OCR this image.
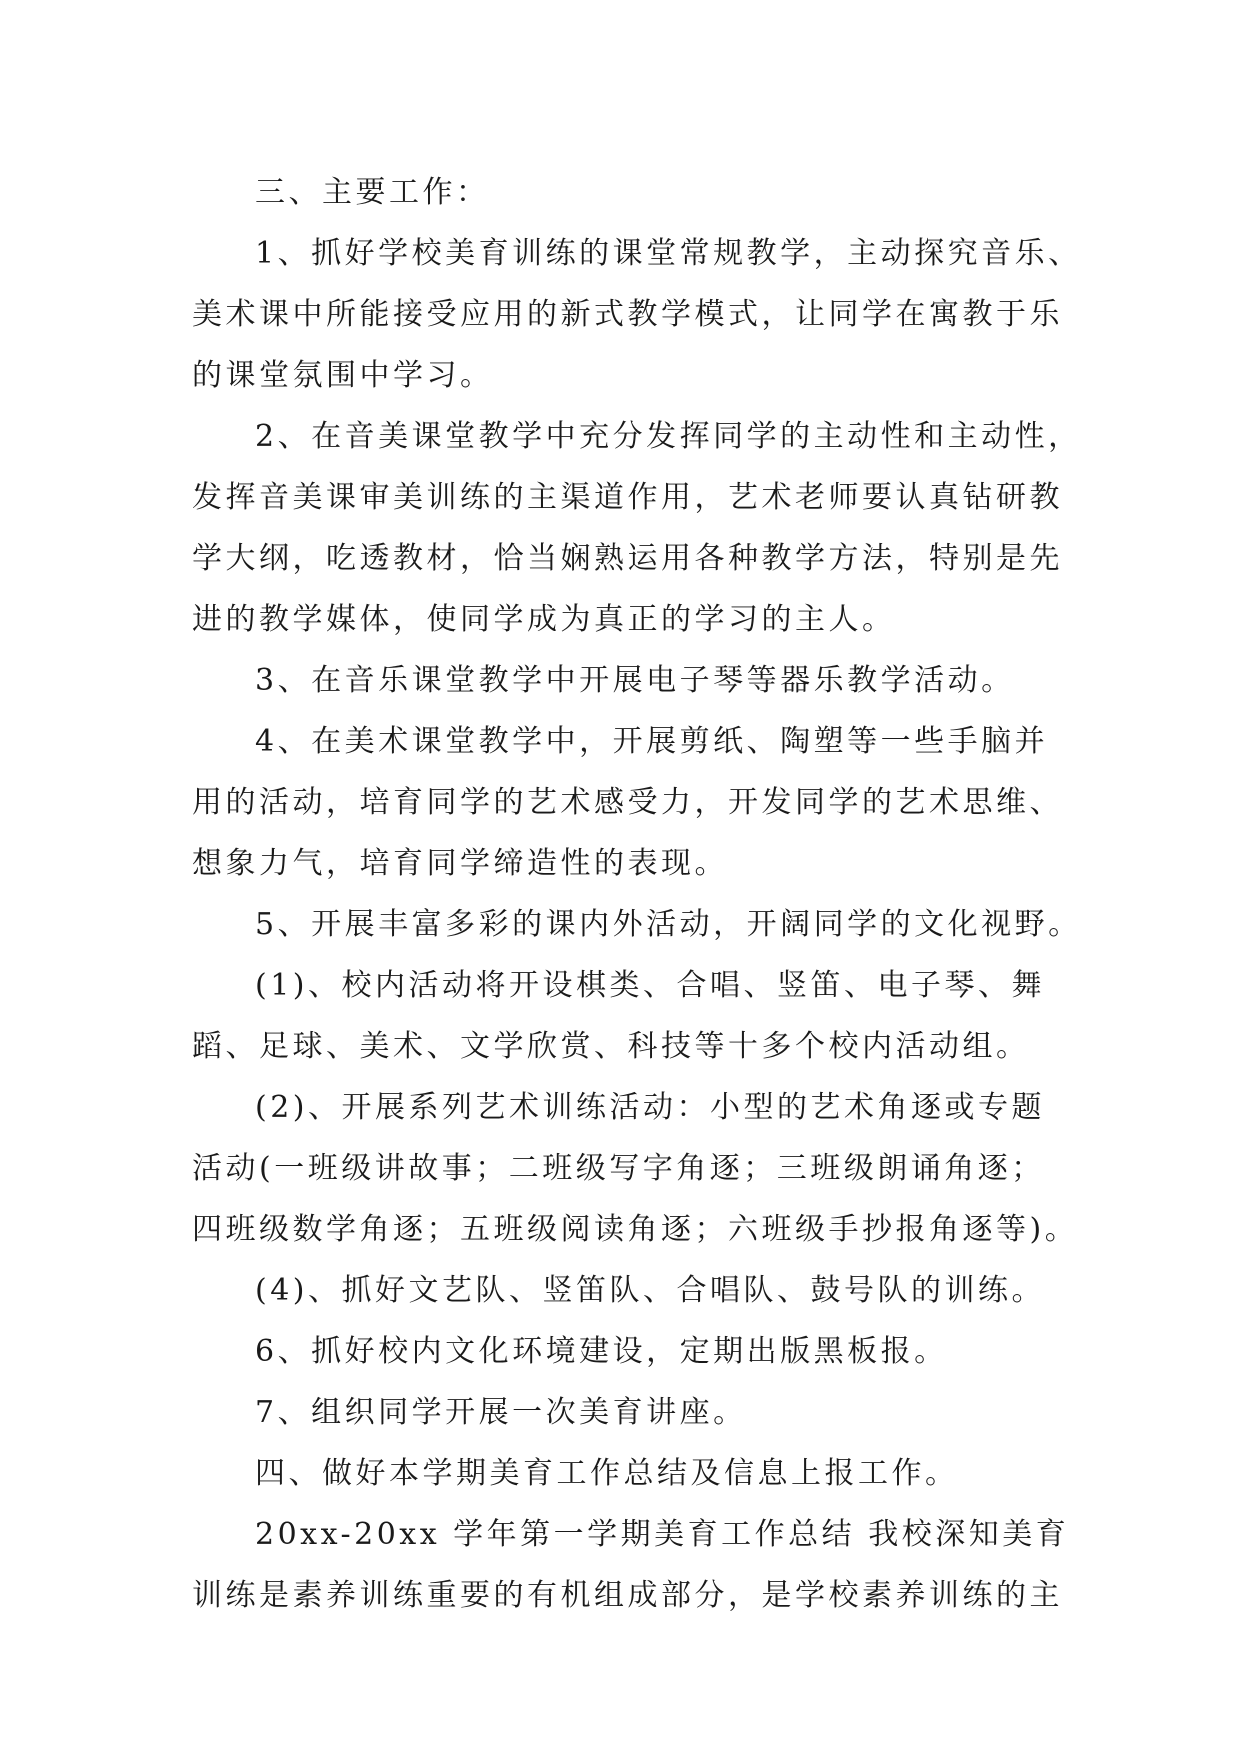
三、主要工作：

1、抓好学校美育训练的课堂常规教学，主动探究音乐、
美术课中所能接受应用的新式教学模式，让同学在寓教于乐
的课堂氛围中学习。

2、在音美课堂教学中充分发挥同学的主动性和主动性，
发挥音美课审美训练的主渠道作用，艺术老师要认真钻研教
学大纲，吃透教材，恰当娴熟运用各种教学方法，特别是先
进的教学媒体，使同学成为真正的学习的主人。

3、在音乐课堂教学中开展电子琴等器乐教学活动。

4、在美术课堂教学中，开展剪纸、陶塑等一些手脑并
用的活动，培育同学的艺术感受力，开发同学的艺术思维、
想象力气，培育同学缔造性的表现。

5、开展丰富多彩的课内外活动，开阔同学的文化视野。

(1)、校内活动将开设棋类、合唱、竖笛、电子琴、舞
蹈、足球、美术、文学欣赏、科技等十多个校内活动组。

(2)、开展系列艺术训练活动：小型的艺术角逐或专题
活动(一班级讲故事；二班级写字角逐；三班级朗诵角逐；
四班级数学角逐；五班级阅读角逐；六班级手抄报角逐等)。

(4)、抓好文艺队、竖笛队、合唱队、鼓号队的训练。

6、抓好校内文化环境建设，定期出版黑板报。

7、组织同学开展一次美育讲座。

四、做好本学期美育工作总结及信息上报工作。

20xx-20xx 学年第一学期美育工作总结 我校深知美育
训练是素养训练重要的有机组成部分，是学校素养训练的主
